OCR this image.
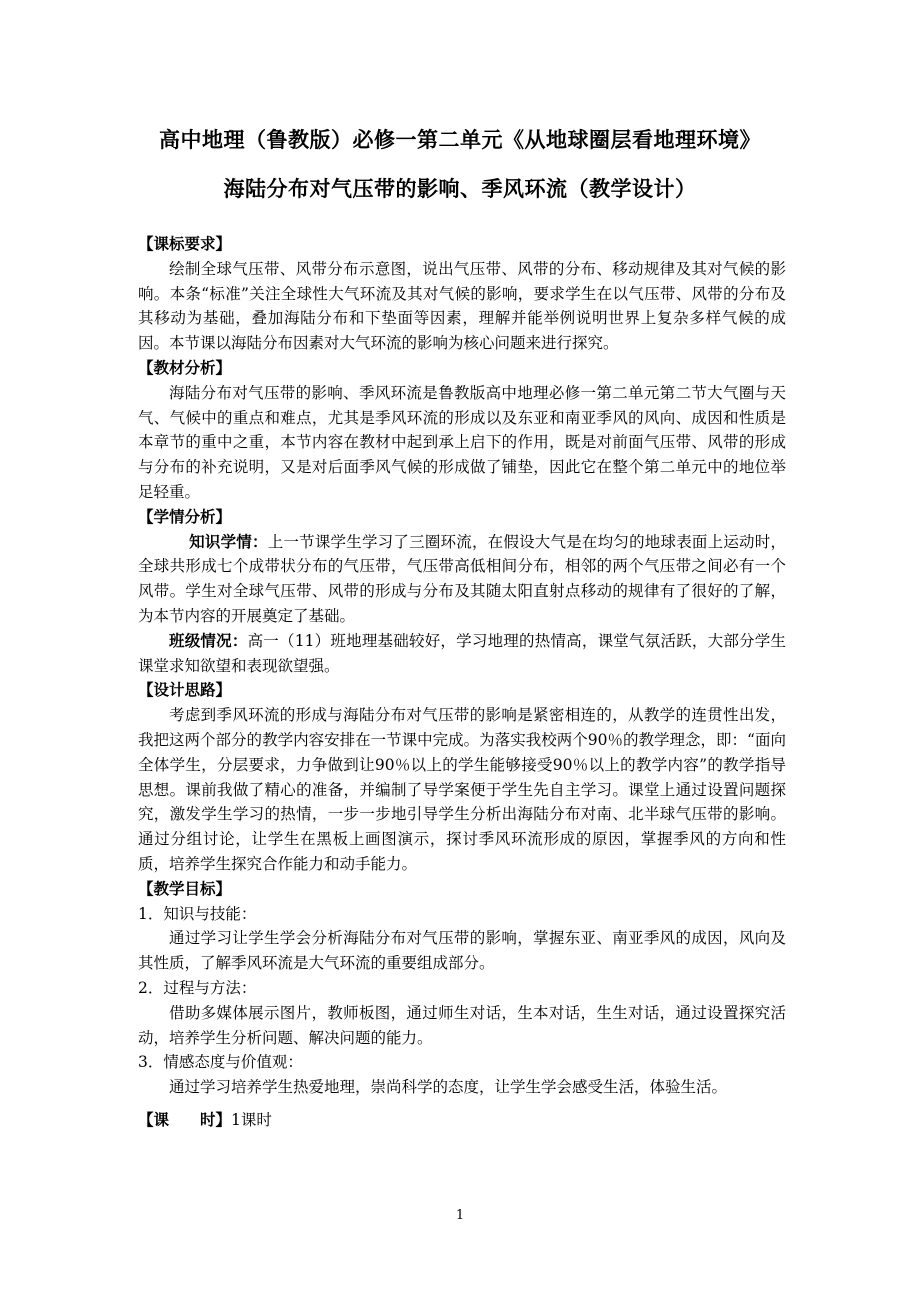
高中地理（鲁教版）必修一第二单元《从地球圈层看地理环境》
海陆分布对气压带的影响、季风环流（教学设计）
【课标要求】

绘制全球气压带、风带分布示意图，说出气压带、风带的分布、移动规律及其对气候的影响。本条“标准”关注全球性大气环流及其对气候的影响，要求学生在以气压带、风带的分布及其移动为基础，叠加海陆分布和下垫面等因素，理解并能举例说明世界上复杂多样气候的成因。本节课以海陆分布因素对大气环流的影响为核心问题来进行探究。

【教材分析】

海陆分布对气压带的影响、季风环流是鲁教版高中地理必修一第二单元第二节大气圈与天气、气候中的重点和难点，尤其是季风环流的形成以及东亚和南亚季风的风向、成因和性质是本章节的重中之重，本节内容在教材中起到承上启下的作用，既是对前面气压带、风带的形成与分布的补充说明，又是对后面季风气候的形成做了铺垫，因此它在整个第二单元中的地位举足轻重。

【学情分析】

知识学情：上一节课学生学习了三圈环流，在假设大气是在均匀的地球表面上运动时，全球共形成七个成带状分布的气压带，气压带高低相间分布，相邻的两个气压带之间必有一个风带。学生对全球气压带、风带的形成与分布及其随太阳直射点移动的规律有了很好的了解，为本节内容的开展奠定了基础。

班级情况：高一（11）班地理基础较好，学习地理的热情高，课堂气氛活跃，大部分学生课堂求知欲望和表现欲望强。

【设计思路】

考虑到季风环流的形成与海陆分布对气压带的影响是紧密相连的，从教学的连贯性出发，我把这两个部分的教学内容安排在一节课中完成。为落实我校两个90％的教学理念，即：“面向全体学生，分层要求，力争做到让90％以上的学生能够接受90％以上的教学内容”的教学指导思想。课前我做了精心的准备，并编制了导学案便于学生先自主学习。课堂上通过设置问题探究，激发学生学习的热情，一步一步地引导学生分析出海陆分布对南、北半球气压带的影响。通过分组讨论，让学生在黑板上画图演示，探讨季风环流形成的原因，掌握季风的方向和性质，培养学生探究合作能力和动手能力。

【教学目标】

1．知识与技能：

通过学习让学生学会分析海陆分布对气压带的影响，掌握东亚、南亚季风的成因，风向及其性质，了解季风环流是大气环流的重要组成部分。

2．过程与方法：

借助多媒体展示图片，教师板图，通过师生对话，生本对话，生生对话，通过设置探究活动，培养学生分析问题、解决问题的能力。

3．情感态度与价值观：

通过学习培养学生热爱地理，崇尚科学的态度，让学生学会感受生活，体验生活。

【课　　时】1课时
1
